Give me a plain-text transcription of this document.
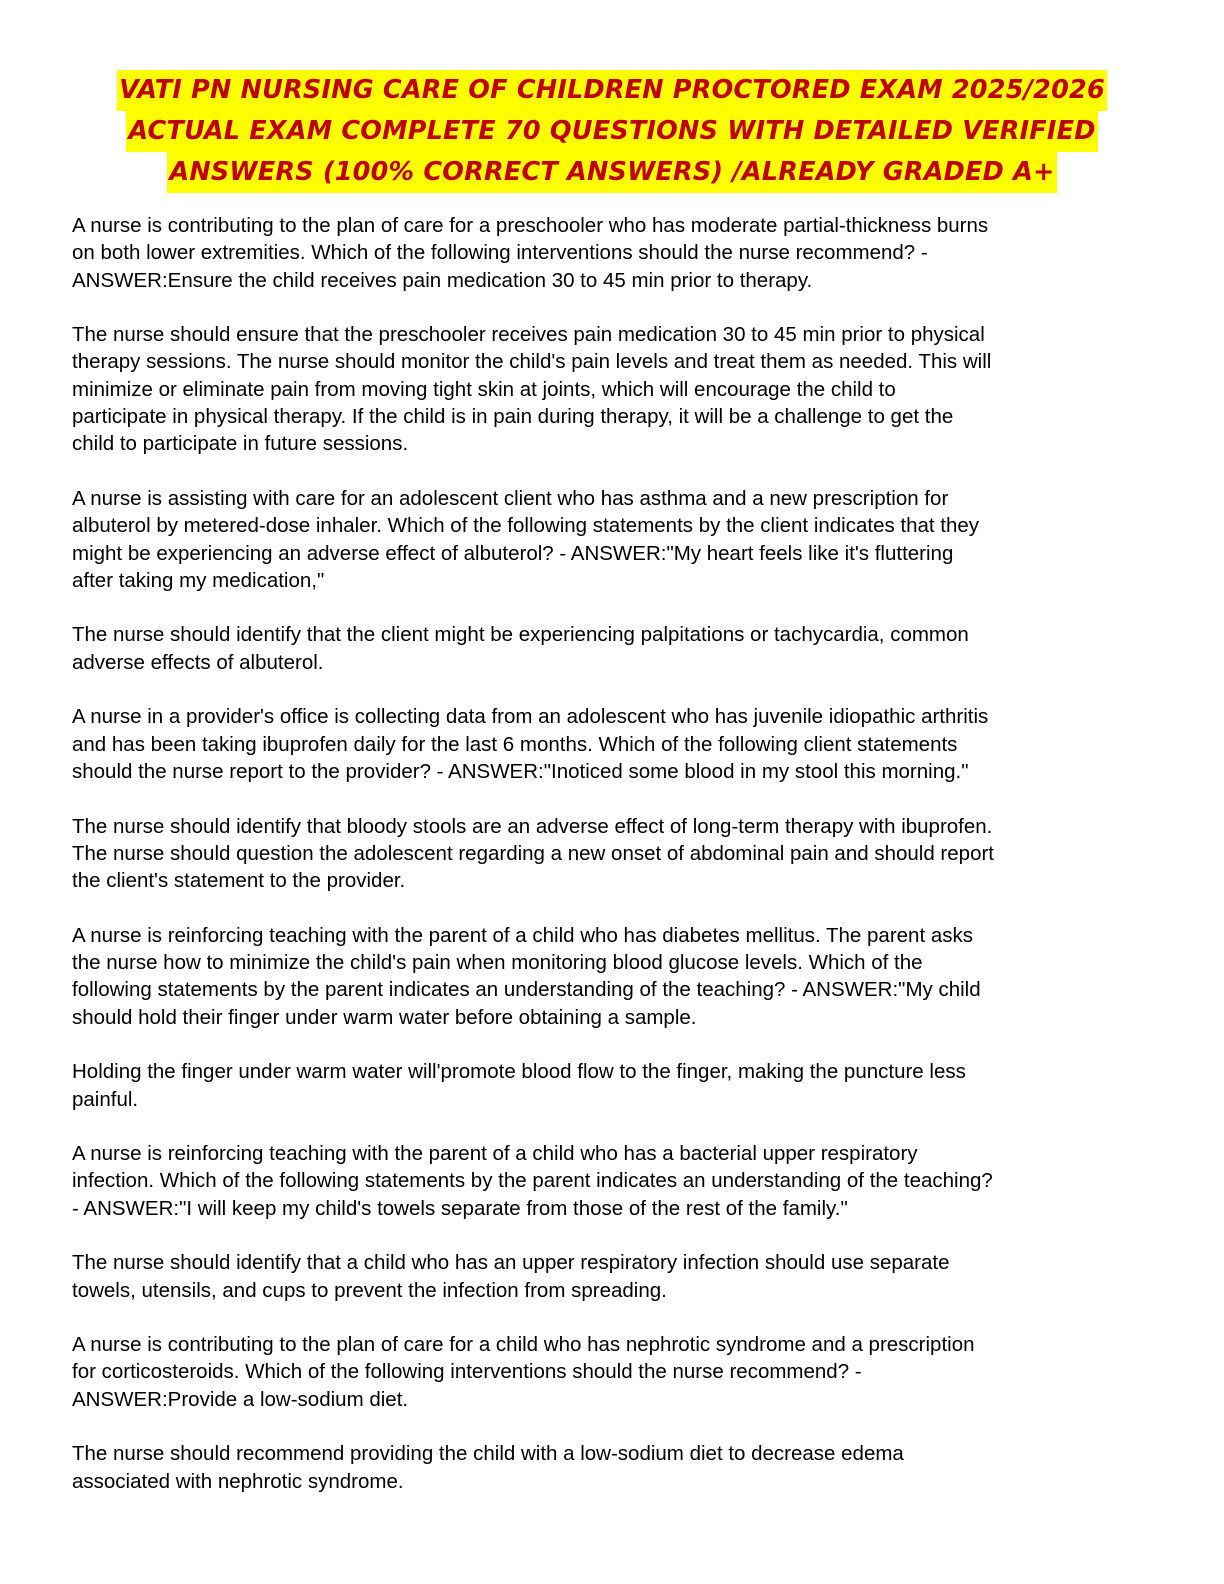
VATI PN NURSING CARE OF CHILDREN PROCTORED EXAM 2025/2026
ACTUAL EXAM COMPLETE 70 QUESTIONS WITH DETAILED VERIFIED
ANSWERS (100% CORRECT ANSWERS) /ALREADY GRADED A+
A nurse is contributing to the plan of care for a preschooler who has moderate partial-thickness burns
on both lower extremities. Which of the following interventions should the nurse recommend? -
ANSWER:Ensure the child receives pain medication 30 to 45 min prior to therapy.
The nurse should ensure that the preschooler receives pain medication 30 to 45 min prior to physical
therapy sessions. The nurse should monitor the child's pain levels and treat them as needed. This will
minimize or eliminate pain from moving tight skin at joints, which will encourage the child to
participate in physical therapy. If the child is in pain during therapy, it will be a challenge to get the
child to participate in future sessions.
A nurse is assisting with care for an adolescent client who has asthma and a new prescription for
albuterol by metered-dose inhaler. Which of the following statements by the client indicates that they
might be experiencing an adverse effect of albuterol? - ANSWER:"My heart feels like it's fluttering
after taking my medication,"
The nurse should identify that the client might be experiencing palpitations or tachycardia, common
adverse effects of albuterol.
A nurse in a provider's office is collecting data from an adolescent who has juvenile idiopathic arthritis
and has been taking ibuprofen daily for the last 6 months. Which of the following client statements
should the nurse report to the provider? - ANSWER:"Inoticed some blood in my stool this morning."
The nurse should identify that bloody stools are an adverse effect of long-term therapy with ibuprofen.
The nurse should question the adolescent regarding a new onset of abdominal pain and should report
the client's statement to the provider.
A nurse is reinforcing teaching with the parent of a child who has diabetes mellitus. The parent asks
the nurse how to minimize the child's pain when monitoring blood glucose levels. Which of the
following statements by the parent indicates an understanding of the teaching? - ANSWER:"My child
should hold their finger under warm water before obtaining a sample.
Holding the finger under warm water will'promote blood flow to the finger, making the puncture less
painful.
A nurse is reinforcing teaching with the parent of a child who has a bacterial upper respiratory
infection. Which of the following statements by the parent indicates an understanding of the teaching?
- ANSWER:"I will keep my child's towels separate from those of the rest of the family."
The nurse should identify that a child who has an upper respiratory infection should use separate
towels, utensils, and cups to prevent the infection from spreading.
A nurse is contributing to the plan of care for a child who has nephrotic syndrome and a prescription
for corticosteroids. Which of the following interventions should the nurse recommend? -
ANSWER:Provide a low-sodium diet.
The nurse should recommend providing the child with a low-sodium diet to decrease edema
associated with nephrotic syndrome.
